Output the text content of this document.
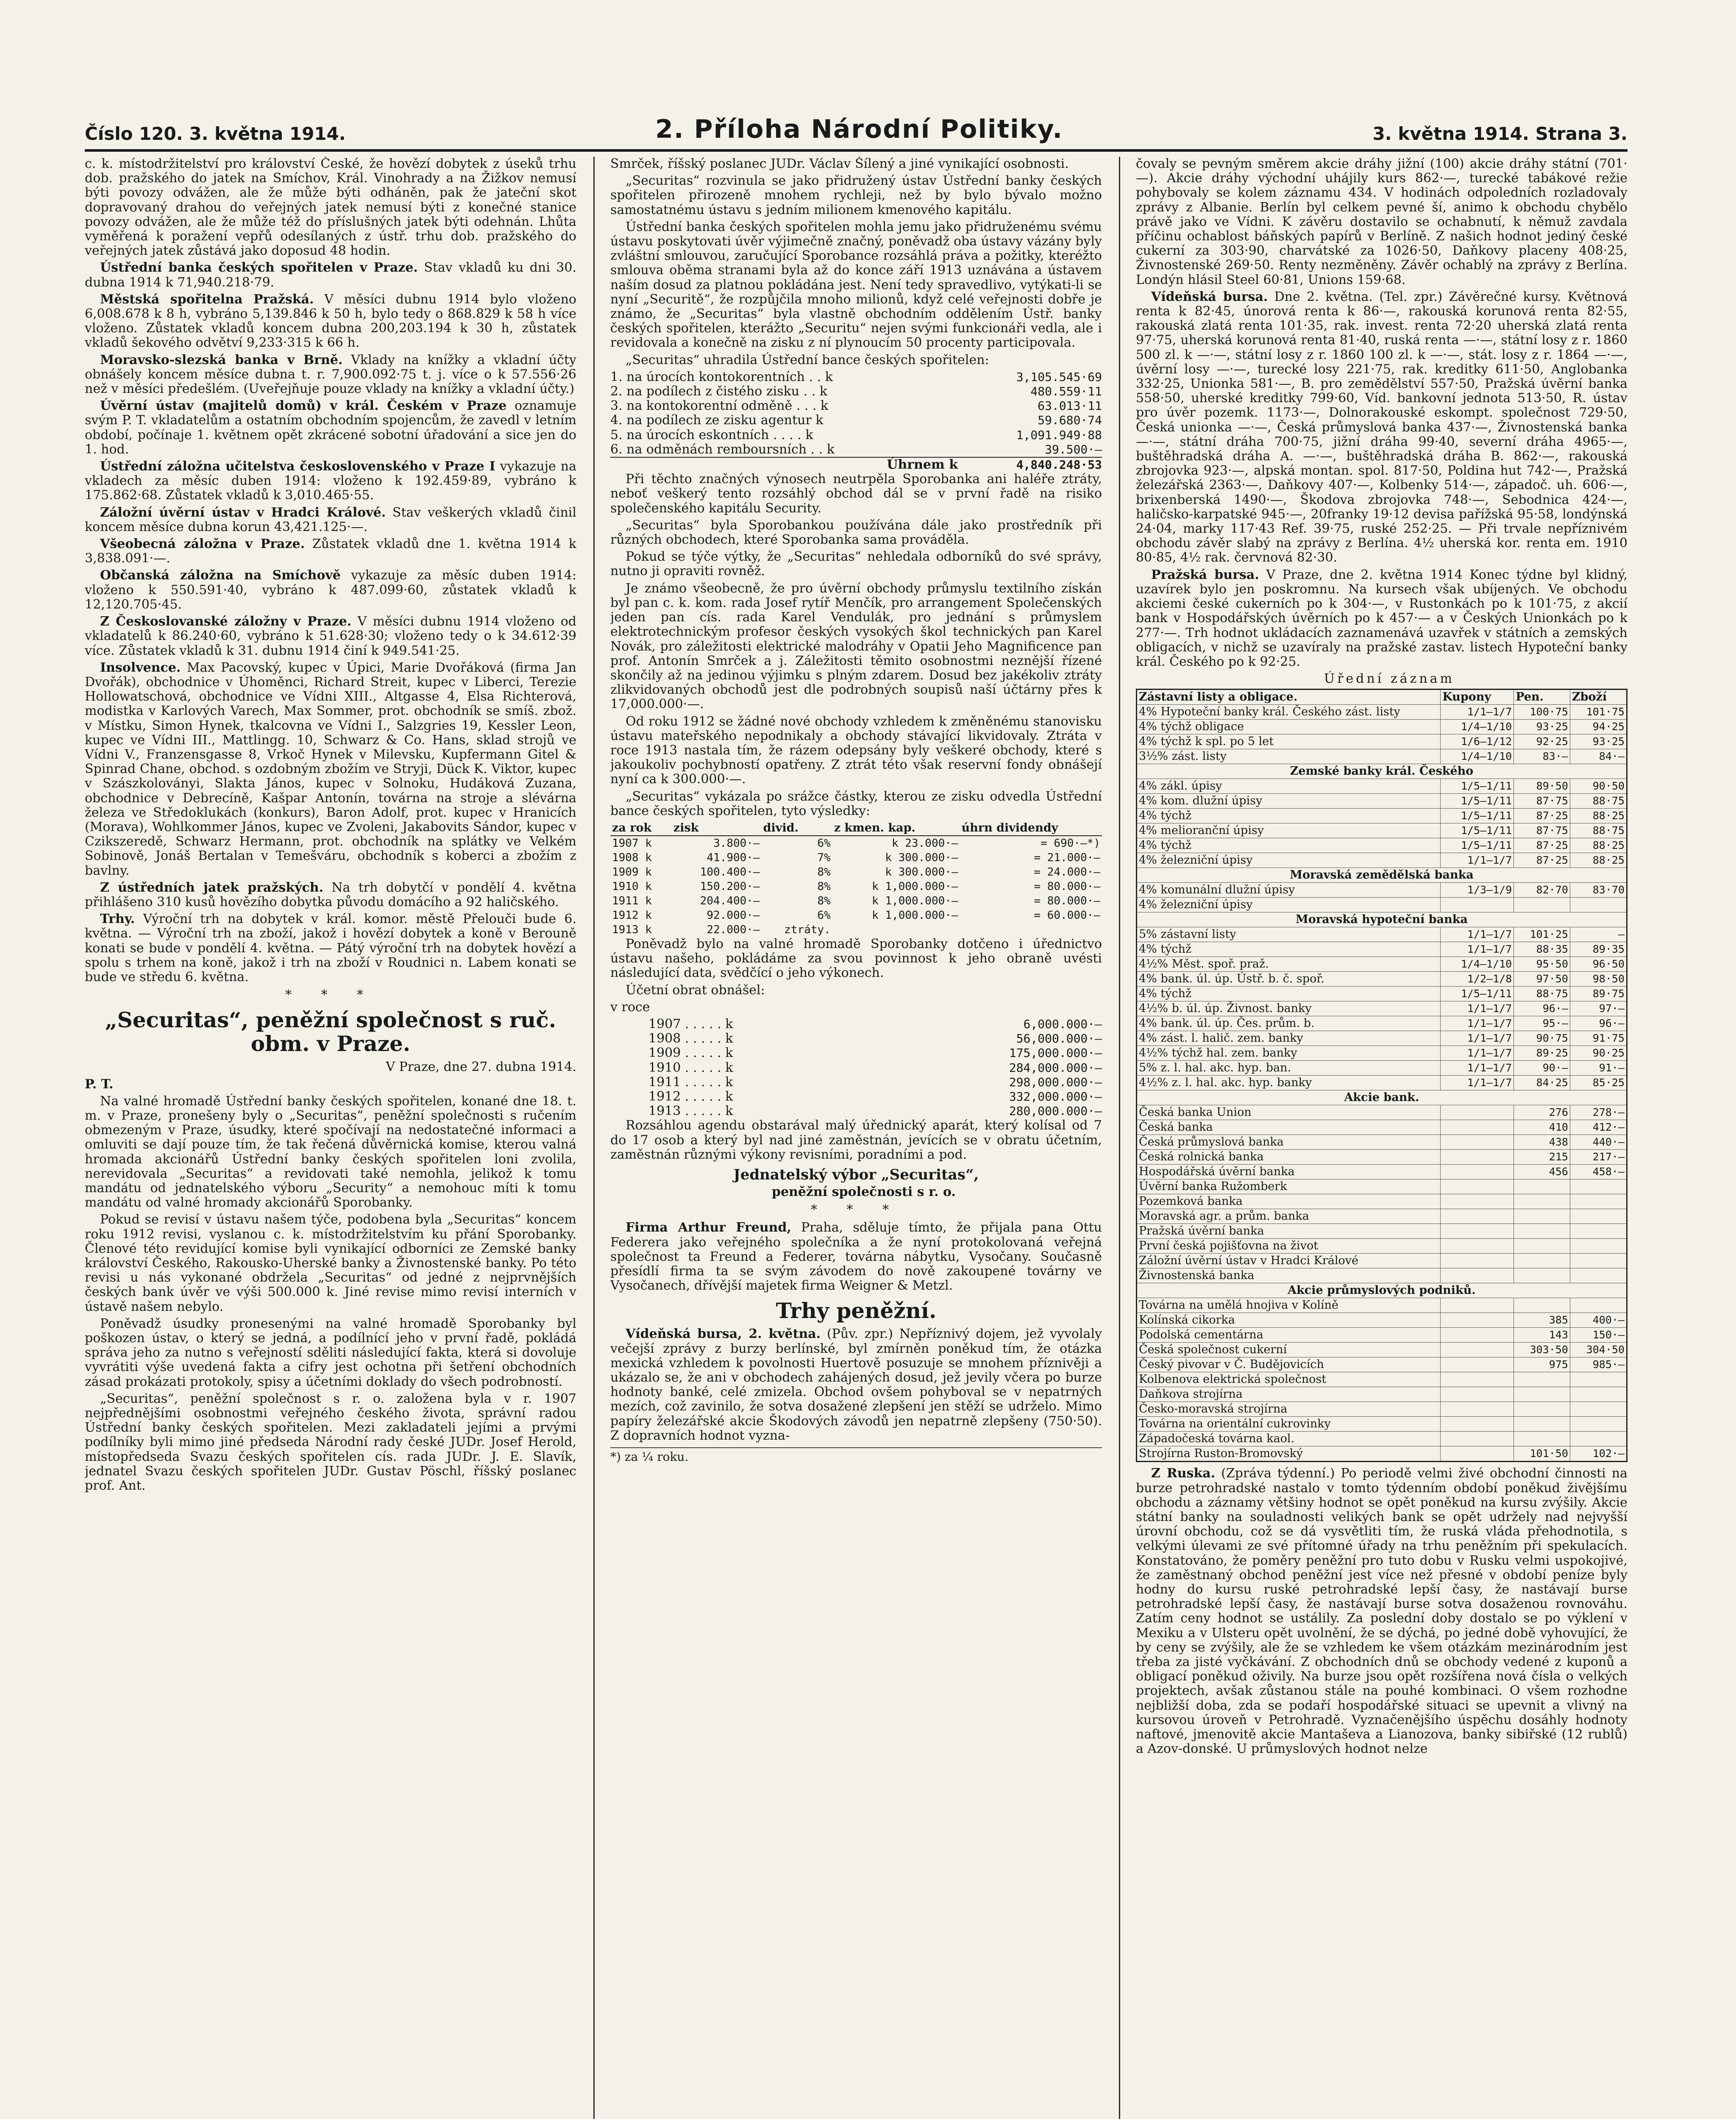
Číslo 120. 3. května 1914.	2. Příloha Národní Politiky.	3. května 1914. Strana 3.

c. k. místodržitelství pro království České, že hovězí dobytek z úseků trhu dob. pražského do jatek na Smíchov, Král. Vinohrady a na Žižkov nemusí býti povozy odvážen, ale že může býti odháněn, pak že jateční skot dopravovaný drahou do veřejných jatek nemusí býti z konečné stanice povozy odvážen, ale že může též do příslušných jatek býti odehnán. Lhůta vyměřená k poražení vepřů odesílaných z ústř. trhu dob. pražského do veřejných jatek zůstává jako doposud 48 hodin.

Ústřední banka českých spořitelen v Praze. Stav vkladů ku dni 30. dubna 1914 k 71,940.218·79.

Městská spořitelna Pražská. V měsíci dubnu 1914 bylo vloženo 6,008.678 k 8 h, vybráno 5,139.846 k 50 h, bylo tedy o 868.829 k 58 h více vloženo. Zůstatek vkladů koncem dubna 200,203.194 k 30 h, zůstatek vkladů šekového odvětví 9,233·315 k 66 h.

Moravsko-slezská banka v Brně. Vklady na knížky a vkladní účty obnášely koncem měsíce dubna t. r. 7,900.092·75 t. j. více o k 57.556·26 než v měsíci předešlém. (Uveřejňuje pouze vklady na knížky a vkladní účty.)

Úvěrní ústav (majitelů domů) v král. Českém v Praze oznamuje svým P. T. vkladatelům a ostatním obchodním spojencům, že zavedl v letním období, počínaje 1. květnem opět zkrácené sobotní úřadování a sice jen do 1. hod.

Ústřední záložna učitelstva československého v Praze I vykazuje na vkladech za měsíc duben 1914: vloženo k 192.459·89, vybráno k 175.862·68. Zůstatek vkladů k 3,010.465·55.

Záložní úvěrní ústav v Hradci Králové. Stav veškerých vkladů činil koncem měsíce dubna korun 43,421.125·—.

Všeobecná záložna v Praze. Zůstatek vkladů dne 1. května 1914 k 3,838.091·—.

Občanská záložna na Smíchově vykazuje za měsíc duben 1914: vloženo k 550.591·40, vybráno k 487.099·60, zůstatek vkladů k 12,120.705·45.

Z Českoslovanské záložny v Praze. V měsíci dubnu 1914 vloženo od vkladatelů k 86.240·60, vybráno k 51.628·30; vloženo tedy o k 34.612·39 více. Zůstatek vkladů k 31. dubnu 1914 činí k 949.541·25.

Insolvence. Max Pacovský, kupec v Úpici, Marie Dvořáková (firma Jan Dvořák), obchodnice v Úhoměnci, Richard Streit, kupec v Liberci, Terezie Hollowatschová, obchodnice ve Vídni XIII., Altgasse 4, Elsa Richterová, modistka v Karlových Varech, Max Sommer, prot. obchodník se smíš. zbož. v Místku, Simon Hynek, tkalcovna ve Vídni I., Salzgries 19, Kessler Leon, kupec ve Vídni III., Mattlingg. 10, Schwarz & Co. Hans, sklad strojů ve Vídni V., Franzensgasse 8, Vrkoč Hynek v Milevsku, Kupfermann Gitel & Spinrad Chane, obchod. s ozdobným zbožím ve Stryji, Dück K. Viktor, kupec v Szászkoloványi, Slakta János, kupec v Solnoku, Hudáková Zuzana, obchodnice v Debrecíně, Kašpar Antonín, továrna na stroje a slévárna železa ve Středoklukách (konkurs), Baron Adolf, prot. kupec v Hranicích (Morava), Wohlkommer János, kupec ve Zvoleni, Jakabovits Sándor, kupec v Czikszeredě, Schwarz Hermann, prot. obchodník na splátky ve Velkém Sobinově, Jonáš Bertalan v Temešváru, obchodník s koberci a zbožím z bavlny.

Z ústředních jatek pražských. Na trh dobytčí v pondělí 4. května přihlášeno 310 kusů hovězího dobytka původu domácího a 92 haličského.

Trhy. Výroční trh na dobytek v král. komor. městě Přelouči bude 6. května. — Výroční trh na zboží, jakož i hovězí dobytek a koně v Berouně konati se bude v pondělí 4. května. — Pátý výroční trh na dobytek hovězí a spolu s trhem na koně, jakož i trh na zboží v Roudnici n. Labem konati se bude ve středu 6. května.

* * *
„Securitas“, peněžní společnost s ruč. obm. v Praze.

V Praze, dne 27. dubna 1914.

P. T.

Na valné hromadě Ústřední banky českých spořitelen, konané dne 18. t. m. v Praze, pronešeny byly o „Securitas“, peněžní společnosti s ručením obmezeným v Praze, úsudky, které spočívají na nedostatečné informaci a omluviti se dají pouze tím, že tak řečená důvěrnická komise, kterou valná hromada akcionářů Ústřední banky českých spořitelen loni zvolila, nerevidovala „Securitas“ a revidovati také nemohla, jelikož k tomu mandátu od jednatelského výboru „Security“ a nemohouc míti k tomu mandátu od valné hromady akcionářů Sporobanky.

Pokud se revisí v ústavu našem týče, podobena byla „Securitas“ koncem roku 1912 revisi, vyslanou c. k. místodržitelstvím ku přání Sporobanky. Členové této revidující komise byli vynikající odborníci ze Zemské banky království Českého, Rakousko-Uherské banky a Živnostenské banky. Po této revisi u nás vykonané obdržela „Securitas“ od jedné z nejprvnějších českých bank úvěr ve výši 500.000 k. Jiné revise mimo revisí interních v ústavě našem nebylo.

Poněvadž úsudky pronesenými na valné hromadě Sporobanky byl poškozen ústav, o který se jedná, a podílnící jeho v první řadě, pokládá správa jeho za nutno s veřejností sděliti následující fakta, která si dovoluje vyvrátiti výše uvedená fakta a cifry jest ochotna při šetření obchodních zásad prokázati protokoly, spisy a účetními doklady do všech podrobností.

„Securitas“, peněžní společnost s r. o. založena byla v r. 1907 nejpřednějšími osobnostmi veřejného českého života, správní radou Ústřední banky českých spořitelen. Mezi zakladateli jejími a prvými podílníky byli mimo jiné předseda Národní rady české JUDr. Josef Herold, místopředseda Svazu českých spořitelen cís. rada JUDr. J. E. Slavík, jednatel Svazu českých spořitelen JUDr. Gustav Pöschl, říšský poslanec prof. Ant.

Smrček, říšský poslanec JUDr. Václav Šílený a jiné vynikající osobnosti.

„Securitas“ rozvinula se jako přidružený ústav Ústřední banky českých spořitelen přirozeně mnohem rychleji, než by bylo bývalo možno samostatnému ústavu s jedním milionem kmenového kapitálu.

Ústřední banka českých spořitelen mohla jemu jako přidruženému svému ústavu poskytovati úvěr výjimečně značný, poněvadž oba ústavy vázány byly zvláštní smlouvou, zaručující Sporobance rozsáhlá práva a požitky, kteréžto smlouva oběma stranami byla až do konce září 1913 uznávána a ústavem naším dosud za platnou pokládána jest. Není tedy spravedlivo, vytýkati-li se nyní „Securitě“, že rozpůjčila mnoho milionů, když celé veřejnosti dobře je známo, že „Securitas“ byla vlastně obchodním oddělením Ústř. banky českých spořitelen, kterážto „Securitu“ nejen svými funkcionáři vedla, ale i revidovala a konečně na zisku z ní plynoucím 50 procenty participovala.

„Securitas“ uhradila Ústřední bance českých spořitelen:

1. na úrocích kontokorentních . . k	3,105.545·69
2. na podílech z čistého zisku . . k	480.559·11
3. na kontokorentní odměně . . . k	63.013·11
4. na podílech ze zisku agentur k	59.680·74
5. na úrocích eskontních . . . . k	1,091.949·88
6. na odměnách remboursních . . k	39.500·—
Úhrnem k	4,840.248·53

Při těchto značných výnosech neutrpěla Sporobanka ani haléře ztráty, neboť veškerý tento rozsáhlý obchod dál se v první řadě na risiko společenského kapitálu Security.

„Securitas“ byla Sporobankou používána dále jako prostředník při různých obchodech, které Sporobanka sama prováděla.

Pokud se týče výtky, že „Securitas“ nehledala odborníků do své správy, nutno ji opraviti rovněž.

Je známo všeobecně, že pro úvěrní obchody průmyslu textilního získán byl pan c. k. kom. rada Josef rytíř Menčík, pro arrangement Společenských jeden pan cís. rada Karel Vendulák, pro jednání s průmyslem elektrotechnickým profesor českých vysokých škol technických pan Karel Novák, pro záležitosti elektrické malodráhy v Opatii Jeho Magnificence pan prof. Antonín Smrček a j. Záležitosti těmito osobnostmi neznější řízené skončily až na jedinou výjimku s plným zdarem. Dosud bez jakékoliv ztráty zlikvidovaných obchodů jest dle podrobných soupisů naší účtárny přes k 17,000.000·—.

Od roku 1912 se žádné nové obchody vzhledem k změněnému stanovisku ústavu mateřského nepodnikaly a obchody stávající likvidovaly. Ztráta v roce 1913 nastala tím, že rázem odepsány byly veškeré obchody, které s jakoukoliv pochybností opatřeny. Z ztrát této však reservní fondy obnášejí nyní ca k 300.000·—.

„Securitas“ vykázala po srážce částky, kterou ze zisku odvedla Ústřední bance českých spořitelen, tyto výsledky:

za rok	zisk	divid.	z kmen. kap.	úhrn dividendy
1907 k	3.800·—	6%	k 23.000·—	= 690·—*)
1908 k	41.900·—	7%	k 300.000·—	= 21.000·—
1909 k	100.400·—	8%	k 300.000·—	= 24.000·—
1910 k	150.200·—	8%	k 1,000.000·—	= 80.000·—
1911 k	204.400·—	8%	k 1,000.000·—	= 80.000·—
1912 k	92.000·—	6%	k 1,000.000·—	= 60.000·—
1913 k	22.000·—	ztráty.		

Poněvadž bylo na valné hromadě Sporobanky dotčeno i úřednictvo ústavu našeho, pokládáme za svou povinnost k jeho obraně uvésti následující data, svědčící o jeho výkonech.

Účetní obrat obnášel:

v roce

1907 . . . . . k	6,000.000·—
1908 . . . . . k	56,000.000·—
1909 . . . . . k	175,000.000·—
1910 . . . . . k	284,000.000·—
1911 . . . . . k	298,000.000·—
1912 . . . . . k	332,000.000·—
1913 . . . . . k	280,000.000·—

Rozsáhlou agendu obstarával malý úřednický aparát, který kolísal od 7 do 17 osob a který byl nad jiné zaměstnán, jevících se v obratu účetním, zaměstnán různými výkony revisními, poradními a pod.

Jednatelský výbor „Securitas“,

peněžní společnosti s r. o.

* * *

Firma Arthur Freund, Praha, sděluje tímto, že přijala pana Ottu Federera jako veřejného společníka a že nyní protokolovaná veřejná společnost ta Freund a Federer, továrna nábytku, Vysočany. Současně přesídlí firma ta se svým závodem do nově zakoupené továrny ve Vysočanech, dřívější majetek firma Weigner & Metzl.

Trhy peněžní.

Vídeňská bursa, 2. května. (Pův. zpr.) Nepříznivý dojem, jež vyvolaly večejší zprávy z burzy berlínské, byl zmírněn poněkud tím, že otázka mexická vzhledem k povolnosti Huertově posuzuje se mnohem příznivěji a ukázalo se, že ani v obchodech zahájených dosud, jež jevily včera po burze hodnoty banké, celé zmizela. Obchod ovšem pohyboval se v nepatrných mezích, což zavinilo, že sotva dosažené zlepšení jen stěží se udrželo. Mimo papíry železářské akcie Škodových závodů jen nepatrně zlepšeny (750·50). Z dopravních hodnot vyzna-

*) za ¼ roku.

čovaly se pevným směrem akcie dráhy jižní (100) akcie dráhy státní (701·—). Akcie dráhy východní uhájily kurs 862·—, turecké tabákové režie pohybovaly se kolem záznamu 434. V hodinách odpoledních rozladovaly zprávy z Albanie. Berlín byl celkem pevné ší, animo k obchodu chybělo právě jako ve Vídni. K závěru dostavilo se ochabnutí, k němuž zavdala příčinu ochablost báňských papírů v Berlíně. Z našich hodnot jediný české cukerní za 303·90, charvátské za 1026·50, Daňkovy placeny 408·25, Živnostenské 269·50. Renty nezměněny. Závěr ochablý na zprávy z Berlína. Londýn hlásil Steel 60·81, Unions 159·68.

Vídeňská bursa. Dne 2. května. (Tel. zpr.) Závěrečné kursy. Květnová renta k 82·45, únorová renta k 86·—, rakouská korunová renta 82·55, rakouská zlatá renta 101·35, rak. invest. renta 72·20 uherská zlatá renta 97·75, uherská korunová renta 81·40, ruská renta —·—, státní losy z r. 1860 500 zl. k —·—, státní losy z r. 1860 100 zl. k —·—, stát. losy z r. 1864 —·—, úvěrní losy —·—, turecké losy 221·75, rak. kreditky 611·50, Anglobanka 332·25, Unionka 581·—, B. pro zemědělství 557·50, Pražská úvěrní banka 558·50, uherské kreditky 799·60, Víd. bankovní jednota 513·50, R. ústav pro úvěr pozemk. 1173·—, Dolnorakouské eskompt. společnost 729·50, Česká unionka —·—, Česká průmyslová banka 437·—, Živnostenská banka —·—, státní dráha 700·75, jižní dráha 99·40, severní dráha 4965·—, buštěhradská dráha A. —·—, buštěhradská dráha B. 862·—, rakouská zbrojovka 923·—, alpská montan. spol. 817·50, Poldina hut 742·—, Pražská železářská 2363·—, Daňkovy 407·—, Kolbenky 514·—, západoč. uh. 606·—, brixenberská 1490·—, Škodova zbrojovka 748·—, Sebodnica 424·—, haličsko-karpatské 945·—, 20franky 19·12 devisa pařížská 95·58, londýnská 24·04, marky 117·43 Ref. 39·75, ruské 252·25. — Při trvale nepříznivém obchodu závěr slabý na zprávy z Berlína. 4½ uherská kor. renta em. 1910 80·85, 4½ rak. červnová 82·30.

Pražská bursa. V Praze, dne 2. května 1914 Konec týdne byl klidný, uzavírek bylo jen poskromnu. Na kursech však ubíjených. Ve obchodu akciemi české cukerních po k 304·—, v Rustonkách po k 101·75, z akcií bank v Hospodářských úvěrních po k 457·— a v Českých Unionkách po k 277·—. Trh hodnot ukládacích zaznamenává uzavřek v státních a zemských obligacích, v nichž se uzavíraly na pražské zastav. listech Hypoteční banky král. Českého po k 92·25.

Úřední záznam

Zástavní listy a obligace.	Kupony	Pen.	Zboží
4% Hypoteční banky král. Českého zást. listy	1/1–1/7	100·75	101·75
4% týchž obligace	1/4–1/10	93·25	94·25
4% týchž k spl. po 5 let	1/6–1/12	92·25	93·25
3½% zást. listy	1/4–1/10	83·—	84·—
Zemské banky král. Českého			
4% zákl. úpisy	1/5–1/11	89·50	90·50
4% kom. dlužní úpisy	1/5–1/11	87·75	88·75
4% týchž	1/5–1/11	87·25	88·25
4% melioranční úpisy	1/5–1/11	87·75	88·75
4% týchž	1/5–1/11	87·25	88·25
4% železniční úpisy	1/1–1/7	87·25	88·25
Moravská zemědělská banka			
4% komunální dlužní úpisy	1/3–1/9	82·70	83·70
4% železniční úpisy			
Moravská hypoteční banka			
5% zástavní listy	1/1–1/7	101·25	—
4% týchž	1/1–1/7	88·35	89·35
4½% Měst. spoř. praž.	1/4–1/10	95·50	96·50
4% bank. úl. úp. Ústř. b. č. spoř.	1/2–1/8	97·50	98·50
4% týchž	1/5–1/11	88·75	89·75
4½% b. úl. úp. Živnost. banky	1/1–1/7	96·—	97·—
4% bank. úl. úp. Čes. prům. b.	1/1–1/7	95·—	96·—
4% zást. l. halič. zem. banky	1/1–1/7	90·75	91·75
4½% týchž hal. zem. banky	1/1–1/7	89·25	90·25
5% z. l. hal. akc. hyp. ban.	1/1–1/7	90·—	91·—
4½% z. l. hal. akc. hyp. banky	1/1–1/7	84·25	85·25
Akcie bank.			
Česká banka Union		276	278·—
Česká banka		410	412·—
Česká průmyslová banka		438	440·—
Česká rolnická banka		215	217·—
Hospodářská úvěrní banka		456	458·—
Úvěrní banka Ružomberk			
Pozemková banka			
Moravská agr. a prům. banka			
Pražská úvěrní banka			
První česká pojišťovna na život			
Záložní úvěrní ústav v Hradci Králové			
Živnostenská banka			
Akcie průmyslových podniků.			
Továrna na umělá hnojiva v Kolíně			
Kolínská cikorka		385	400·—
Podolská cementárna		143	150·—
Česká společnost cukerní		303·50	304·50
Český pivovar v Č. Budějovicích		975	985·—
Kolbenova elektrická společnost			
Daňkova strojírna			
Česko-moravská strojírna			
Továrna na orientální cukrovinky			
Západočeská továrna kaol.			
Strojírna Ruston-Bromovský		101·50	102·—

Z Ruska. (Zpráva týdenní.) Po periodě velmi živé obchodní činnosti na burze petrohradské nastalo v tomto týdenním období poněkud živějšímu obchodu a záznamy většiny hodnot se opět poněkud na kursu zvýšily. Akcie státní banky na souladnosti velikých bank se opět udržely nad nejvyšší úrovní obchodu, což se dá vysvětliti tím, že ruská vláda přehodnotila, s velkými úlevami ze své přítomné úřady na trhu peněžním při spekulacích. Konstatováno, že poměry peněžní pro tuto dobu v Rusku velmi uspokojivé, že zaměstnaný obchod peněžní jest více než přesné v období peníze byly hodny do kursu ruské petrohradské lepší časy, že nastávají burse petrohradské lepší časy, že nastávají burse sotva dosaženou rovnováhu. Zatím ceny hodnot se ustálily. Za poslední doby dostalo se po výklení v Mexiku a v Ulsteru opět uvolnění, že se dýchá, po jedné době vyhovující, že by ceny se zvýšily, ale že se vzhledem ke všem otázkám mezinárodním jest třeba za jisté vyčkávání. Z obchodních dnů se obchody vedené z kuponů a obligací poněkud oživily. Na burze jsou opět rozšířena nová čísla o velkých projektech, avšak zůstanou stále na pouhé kombinaci. O všem rozhodne nejbližší doba, zda se podaří hospodářské situaci se upevnit a vlivný na kursovou úroveň v Petrohradě. Vyznačenějšího úspěchu dosáhly hodnoty naftové, jmenovitě akcie Mantaševa a Lianozova, banky sibiřské (12 rublů) a Azov-donské. U průmyslových hodnot nelze
